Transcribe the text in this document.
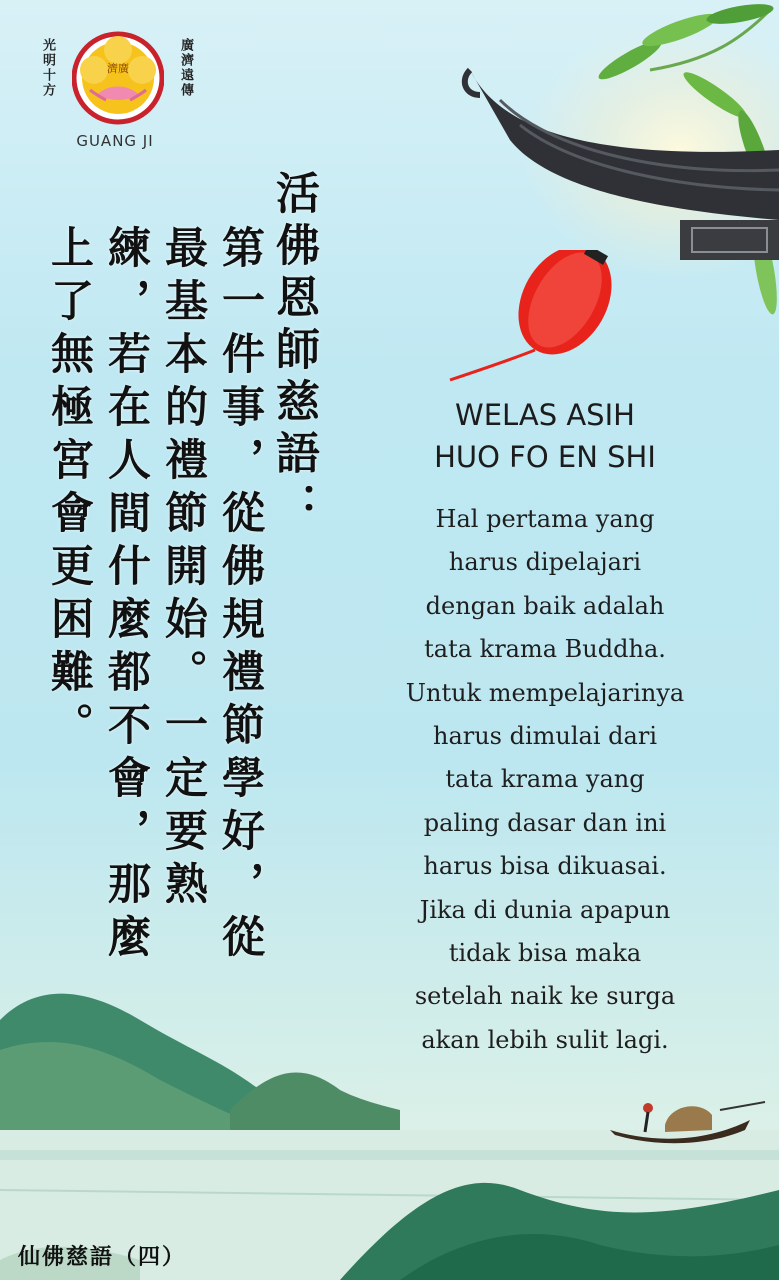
光明十方	濟廣	廣濟遠傳
GUANG JI
活佛恩師慈語：
第一件事，從佛規禮節學好，從最基本的禮節開始。一定要熟練，若在人間什麼都不會，那麼上了無極宮會更困難。	WELAS ASIH
HUO FO EN SHI
Hal pertama yang
harus dipelajari
dengan baik adalah
tata krama Buddha.
Untuk mempelajarinya
harus dimulai dari
tata krama yang
paling dasar dan ini
harus bisa dikuasai.
Jika di dunia apapun
tidak bisa maka
setelah naik ke surga
akan lebih sulit lagi.
仙佛慈語（四）
